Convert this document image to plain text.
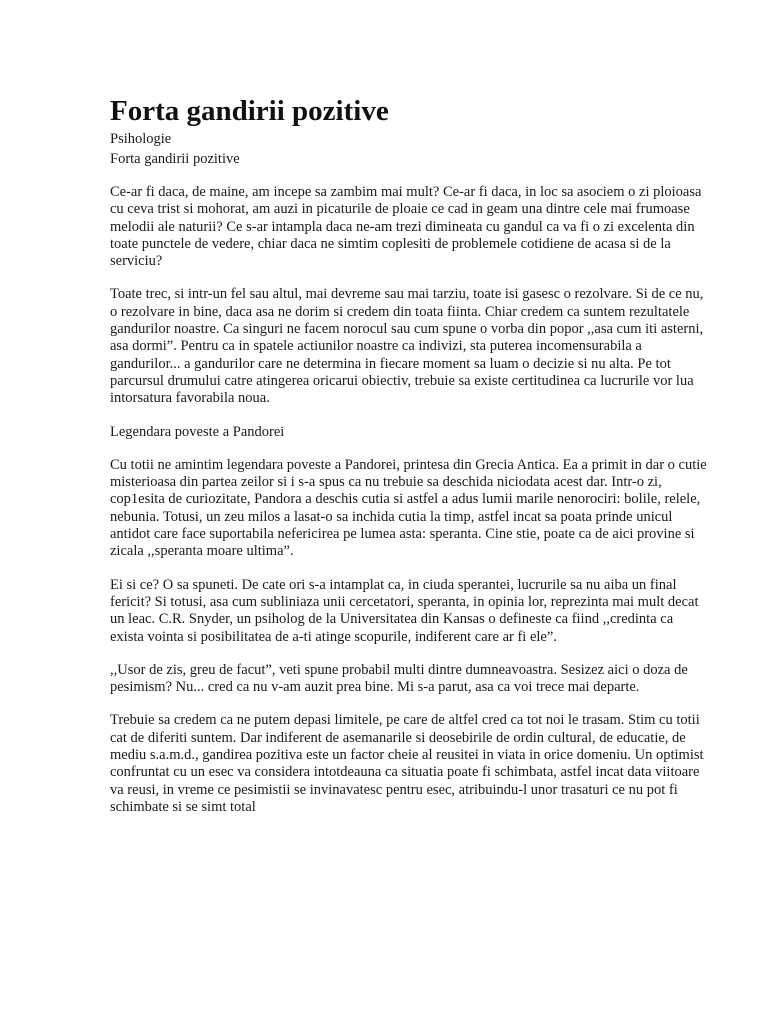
Forta gandirii pozitive
Psihologie
Forta gandirii pozitive

Ce-ar fi daca, de maine, am incepe sa zambim mai mult? Ce-ar fi daca, in loc sa asociem o zi ploioasa cu ceva trist si mohorat, am auzi in picaturile de ploaie ce cad in geam una dintre cele mai frumoase melodii ale naturii? Ce s-ar intampla daca ne-am trezi dimineata cu gandul ca va fi o zi excelenta din toate punctele de vedere, chiar daca ne simtim coplesiti de problemele cotidiene de acasa si de la serviciu?

Toate trec, si intr-un fel sau altul, mai devreme sau mai tarziu, toate isi gasesc o rezolvare. Si de ce nu, o rezolvare in bine, daca asa ne dorim si credem din toata fiinta. Chiar credem ca suntem rezultatele gandurilor noastre. Ca singuri ne facem norocul sau cum spune o vorba din popor ,,asa cum iti asterni, asa dormi”. Pentru ca in spatele actiunilor noastre ca indivizi, sta puterea incomensurabila a gandurilor... a gandurilor care ne determina in fiecare moment sa luam o decizie si nu alta. Pe tot parcursul drumului catre atingerea oricarui obiectiv, trebuie sa existe certitudinea ca lucrurile vor lua intorsatura favorabila noua.

Legendara poveste a Pandorei

Cu totii ne amintim legendara poveste a Pandorei, printesa din Grecia Antica. Ea a primit in dar o cutie misterioasa din partea zeilor si i s-a spus ca nu trebuie sa deschida niciodata acest dar. Intr-o zi, cop1esita de curiozitate, Pandora a deschis cutia si astfel a adus lumii marile nenorociri: bolile, relele, nebunia. Totusi, un zeu milos a lasat-o sa inchida cutia la timp, astfel incat sa poata prinde unicul antidot care face suportabila nefericirea pe lumea asta: speranta. Cine stie, poate ca de aici provine si zicala ,,speranta moare ultima”.

Ei si ce? O sa spuneti. De cate ori s-a intamplat ca, in ciuda sperantei, lucrurile sa nu aiba un final fericit? Si totusi, asa cum subliniaza unii cercetatori, speranta, in opinia lor, reprezinta mai mult decat un leac. C.R. Snyder, un psiholog de la Universitatea din Kansas o defineste ca fiind ,,credinta ca exista vointa si posibilitatea de a-ti atinge scopurile, indiferent care ar fi ele”.

,,Usor de zis, greu de facut”, veti spune probabil multi dintre dumneavoastra. Sesizez aici o doza de pesimism? Nu... cred ca nu v-am auzit prea bine. Mi s-a parut, asa ca voi trece mai departe.

Trebuie sa credem ca ne putem depasi limitele, pe care de altfel cred ca tot noi le trasam. Stim cu totii cat de diferiti suntem. Dar indiferent de asemanarile si deosebirile de ordin cultural, de educatie, de mediu s.a.m.d., gandirea pozitiva este un factor cheie al reusitei in viata in orice domeniu. Un optimist confruntat cu un esec va considera intotdeauna ca situatia poate fi schimbata, astfel incat data viitoare va reusi, in vreme ce pesimistii se invinavatesc pentru esec, atribuindu-l unor trasaturi ce nu pot fi schimbate si se simt total
